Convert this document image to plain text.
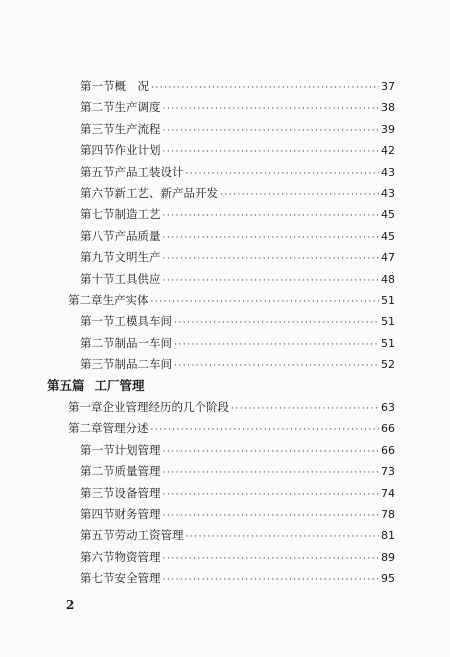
第一节 概　况 ·····	37
第二节 生产调度 ·····	38
第三节 生产流程 ·····	39
第四节 作业计划 ·····	42
第五节 产品工装设计 ·····	43
第六节 新工艺、新产品开发 ·····	43
第七节 制造工艺 ·····	45
第八节 产品质量 ·····	45
第九节 文明生产 ·····	47
第十节 工具供应 ·····	48
第二章 生产实体 ·····	51
第一节 工模具车间 ·····	51
第二节 制品一车间 ·····	51
第三节 制品二车间 ·····	52
第五篇 工厂管理
第一章 企业管理经历的几个阶段 ·····	63
第二章 管理分述 ·····	66
第一节 计划管理 ·····	66
第二节 质量管理 ·····	73
第三节 设备管理 ·····	74
第四节 财务管理 ·····	78
第五节 劳动工资管理 ·····	81
第六节 物资管理 ·····	89
第七节 安全管理 ·····	95
2
